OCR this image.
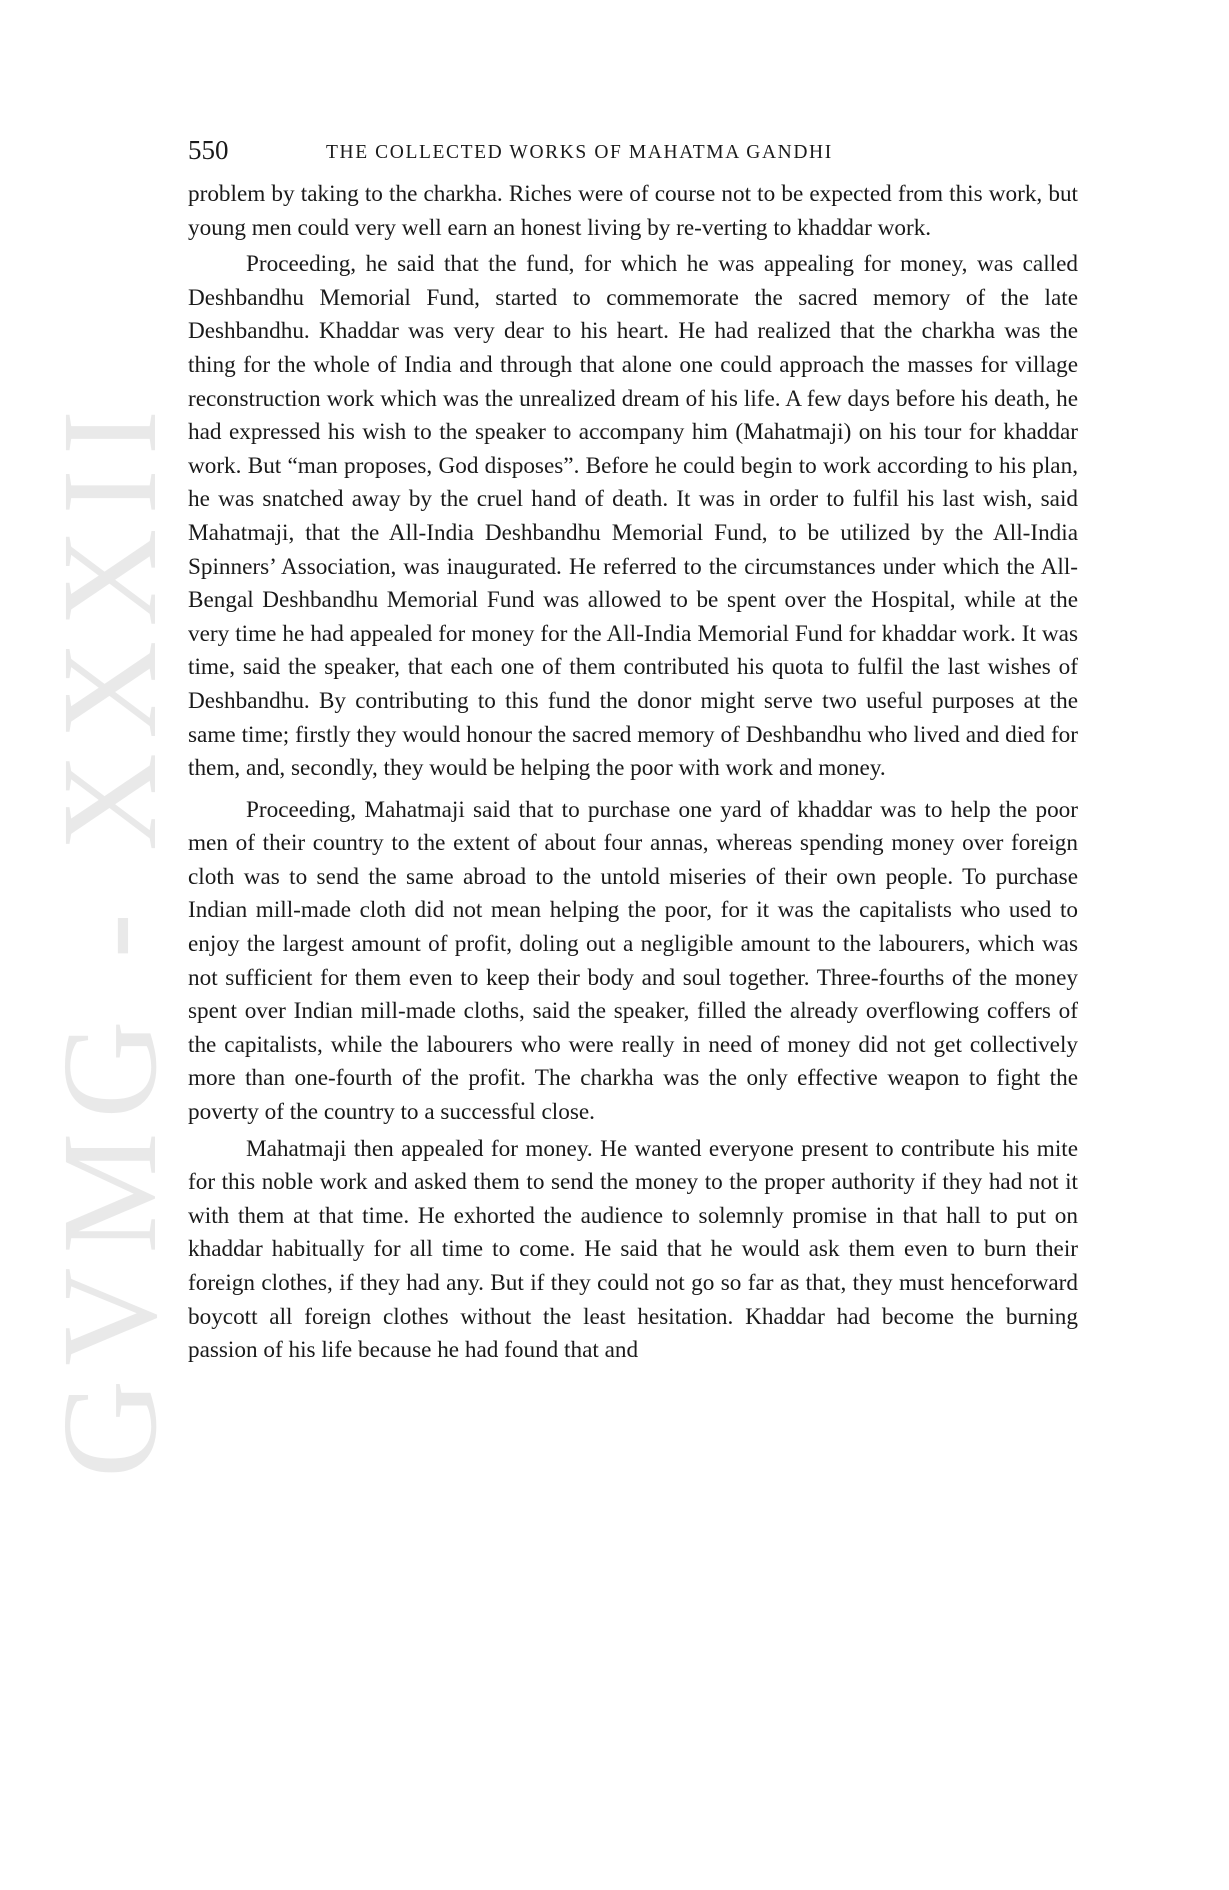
GVMG - XXXII
550	THE COLLECTED WORKS OF MAHATMA GANDHI

problem by taking to the charkha. Riches were of course not to be expected from this work, but young men could very well earn an honest living by re-verting to khaddar work.

Proceeding, he said that the fund, for which he was appealing for money, was called Deshbandhu Memorial Fund, started to commemorate the sacred memory of the late Deshbandhu. Khaddar was very dear to his heart. He had realized that the charkha was the thing for the whole of India and through that alone one could approach the masses for village reconstruction work which was the unrealized dream of his life. A few days before his death, he had expressed his wish to the speaker to accompany him (Mahatmaji) on his tour for khaddar work. But “man proposes, God disposes”. Before he could begin to work according to his plan, he was snatched away by the cruel hand of death. It was in order to fulfil his last wish, said Mahatmaji, that the All-India Deshbandhu Memorial Fund, to be utilized by the All-India Spinners’ Association, was inaugurated. He referred to the circumstances under which the All-Bengal Deshbandhu Memorial Fund was allowed to be spent over the Hospital, while at the very time he had appealed for money for the All-India Memorial Fund for khaddar work. It was time, said the speaker, that each one of them contributed his quota to fulfil the last wishes of Deshbandhu. By contributing to this fund the donor might serve two useful purposes at the same time; firstly they would honour the sacred memory of Deshbandhu who lived and died for them, and, secondly, they would be helping the poor with work and money.

Proceeding, Mahatmaji said that to purchase one yard of khaddar was to help the poor men of their country to the extent of about four annas, whereas spending money over foreign cloth was to send the same abroad to the untold miseries of their own people. To purchase Indian mill-made cloth did not mean helping the poor, for it was the capitalists who used to enjoy the largest amount of profit, doling out a negligible amount to the labourers, which was not sufficient for them even to keep their body and soul together. Three-fourths of the money spent over Indian mill-made cloths, said the speaker, filled the already overflowing coffers of the capitalists, while the labourers who were really in need of money did not get collectively more than one-fourth of the profit. The charkha was the only effective weapon to fight the poverty of the country to a successful close.

Mahatmaji then appealed for money. He wanted everyone present to contribute his mite for this noble work and asked them to send the money to the proper authority if they had not it with them at that time. He exhorted the audience to solemnly promise in that hall to put on khaddar habitually for all time to come. He said that he would ask them even to burn their foreign clothes, if they had any. But if they could not go so far as that, they must henceforward boycott all foreign clothes without the least hesitation. Khaddar had become the burning passion of his life because he had found that and
